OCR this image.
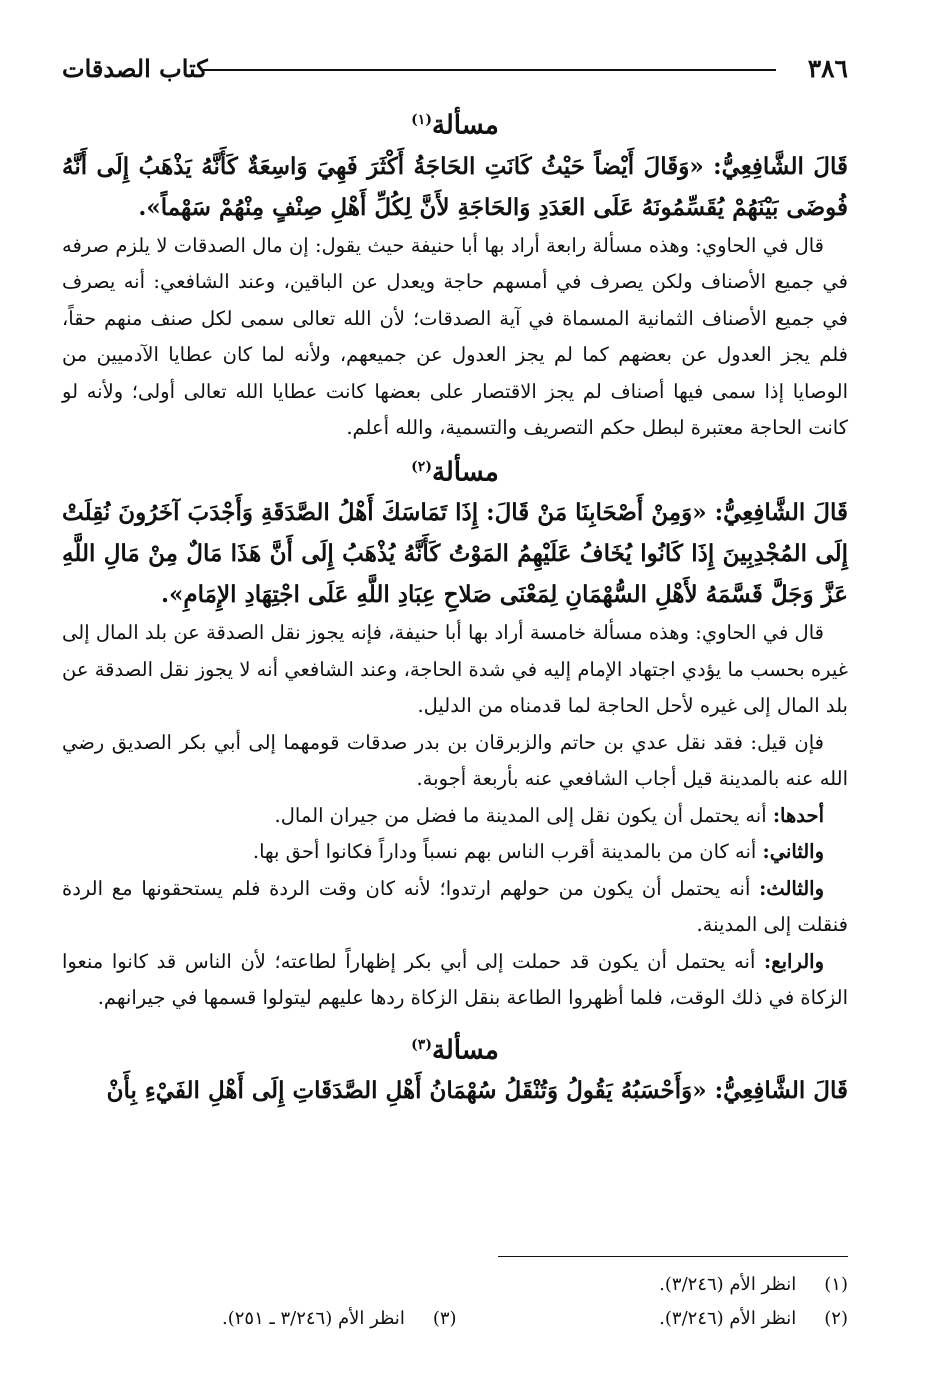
٣٨٦
كتاب الصدقات

مسألة$^{(١)}$

قَالَ الشَّافِعِيُّ: «وَقَالَ أَيْضاً حَيْثُ كَانَتِ الحَاجَةُ أَكْثَرَ فَهِيَ وَاسِعَةٌ كَأَنَّهُ يَذْهَبُ إِلَى أَنَّهُ فُوضَى بَيْنَهُمْ يُقَسِّمُونَهُ عَلَى العَدَدِ وَالحَاجَةِ لأَنَّ لِكُلِّ أَهْلِ صِنْفٍ مِنْهُمْ سَهْماً».

قال في الحاوي: وهذه مسألة رابعة أراد بها أبا حنيفة حيث يقول: إن مال الصدقات لا يلزم صرفه في جميع الأصناف ولكن يصرف في أمسهم حاجة ويعدل عن الباقين، وعند الشافعي: أنه يصرف في جميع الأصناف الثمانية المسماة في آية الصدقات؛ لأن الله تعالى سمى لكل صنف منهم حقاً، فلم يجز العدول عن بعضهم كما لم يجز العدول عن جميعهم، ولأنه لما كان عطايا الآدميين من الوصايا إذا سمى فيها أصناف لم يجز الاقتصار على بعضها كانت عطايا الله تعالى أولى؛ ولأنه لو كانت الحاجة معتبرة لبطل حكم التصريف والتسمية، والله أعلم.

مسألة$^{(٢)}$

قَالَ الشَّافِعِيُّ: «وَمِنْ أَصْحَابِنَا مَنْ قَالَ: إِذَا تَمَاسَكَ أَهْلُ الصَّدَقَةِ وَأَجْدَبَ آخَرُونَ نُقِلَتْ إِلَى المُجْدِبِينَ إِذَا كَانُوا يُخَافُ عَلَيْهِمُ المَوْتُ كَأَنَّهُ يُذْهَبُ إِلَى أَنَّ هَذَا مَالٌ مِنْ مَالِ اللَّهِ عَزَّ وَجَلَّ قَسَّمَهُ لأَهْلِ السُّهْمَانِ لِمَعْنَى صَلاحِ عِبَادِ اللَّهِ عَلَى اجْتِهَادِ الإِمَامِ».

قال في الحاوي: وهذه مسألة خامسة أراد بها أبا حنيفة، فإنه يجوز نقل الصدقة عن بلد المال إلى غيره بحسب ما يؤدي اجتهاد الإمام إليه في شدة الحاجة، وعند الشافعي أنه لا يجوز نقل الصدقة عن بلد المال إلى غيره لأحل الحاجة لما قدمناه من الدليل.

فإن قيل: فقد نقل عدي بن حاتم والزبرقان بن بدر صدقات قومهما إلى أبي بكر الصديق رضي الله عنه بالمدينة قيل أجاب الشافعي عنه بأربعة أجوبة.

أحدها: أنه يحتمل أن يكون نقل إلى المدينة ما فضل من جيران المال.

والثاني: أنه كان من بالمدينة أقرب الناس بهم نسباً وداراً فكانوا أحق بها.

والثالث: أنه يحتمل أن يكون من حولهم ارتدوا؛ لأنه كان وقت الردة فلم يستحقونها مع الردة فنقلت إلى المدينة.

والرابع: أنه يحتمل أن يكون قد حملت إلى أبي بكر إظهاراً لطاعته؛ لأن الناس قد كانوا منعوا الزكاة في ذلك الوقت، فلما أظهروا الطاعة بنقل الزكاة ردها عليهم ليتولوا قسمها في جيرانهم.

مسألة$^{(٣)}$

قَالَ الشَّافِعِيُّ: «وَأَحْسَبُهُ يَقُولُ وَتُنْقَلُ سُهْمَانُ أَهْلِ الصَّدَقَاتِ إِلَى أَهْلِ الفَيْءِ بِأَنْ

(١)انظر الأم (٣/٢٤٦).
(٢)انظر الأم (٣/٢٤٦).
(٣)انظر الأم (٣/٢٤٦ ـ ٢٥١).
